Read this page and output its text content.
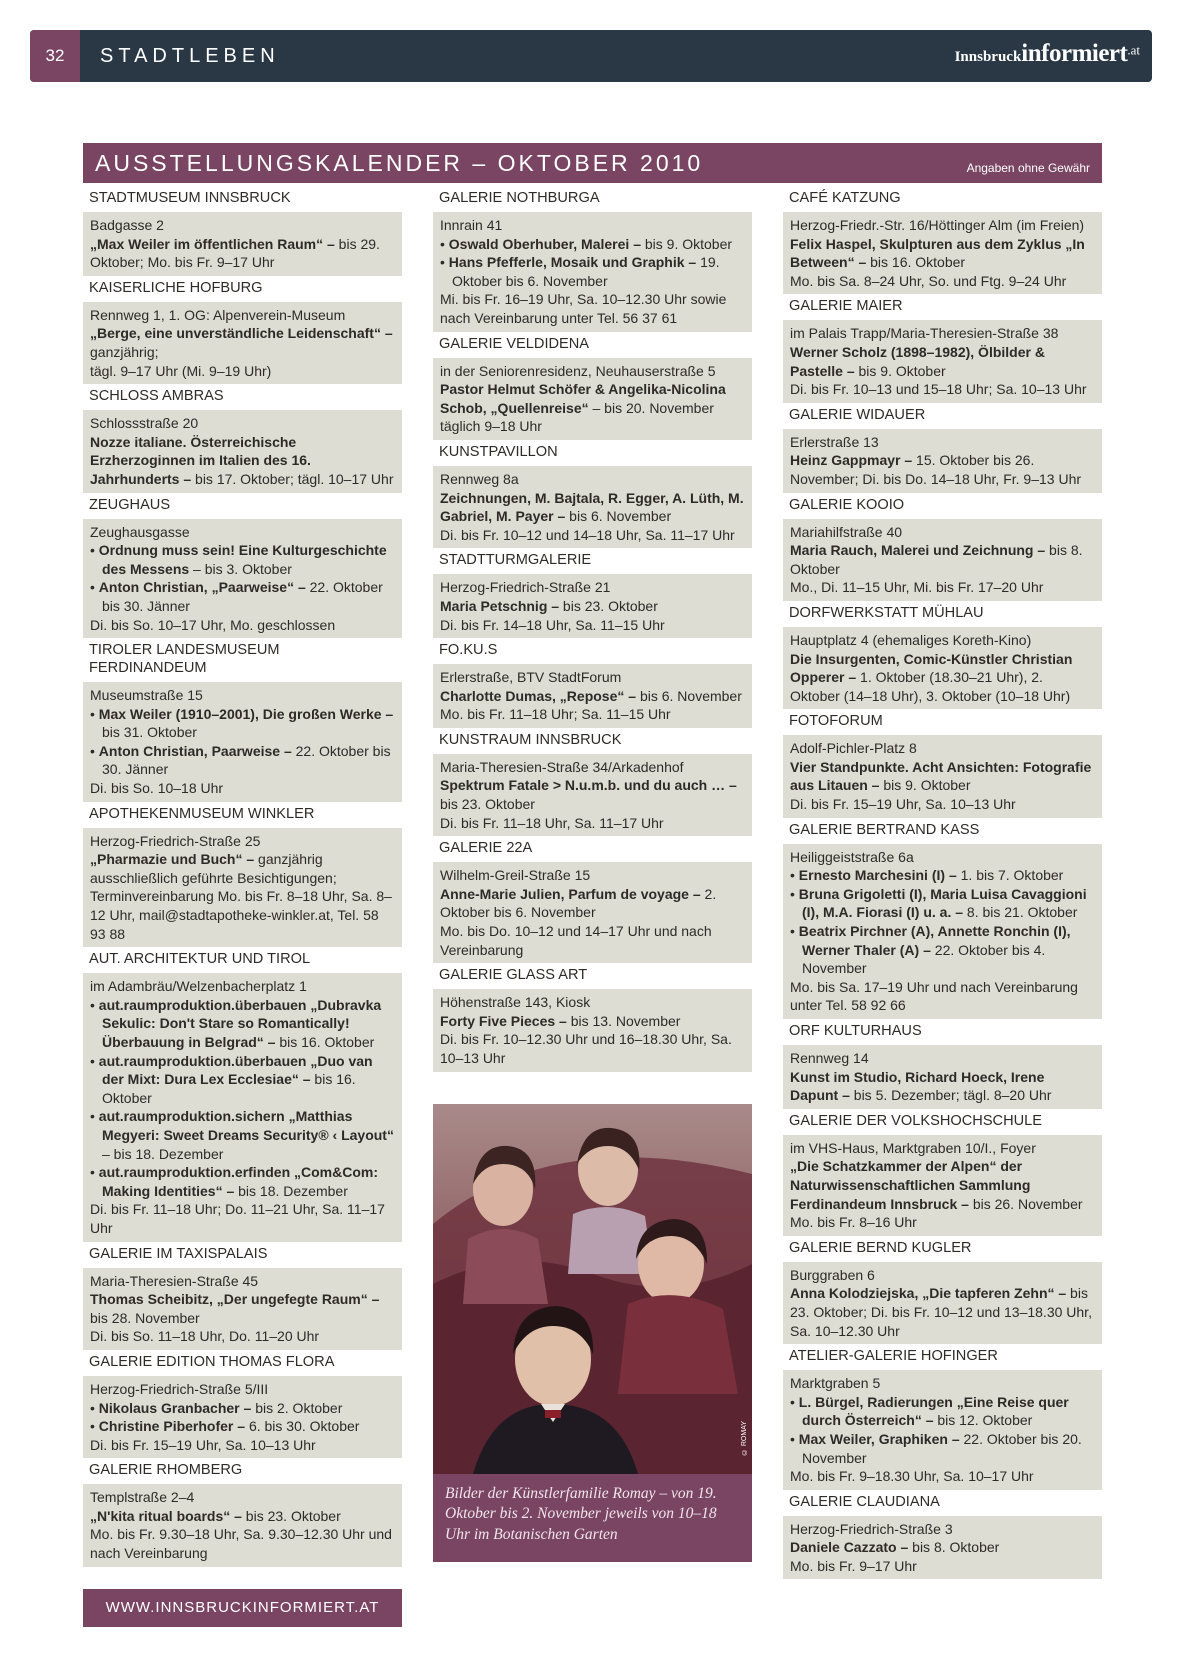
32	STADTLEBEN	Innsbruckinformiert$^{.at}$
AUSSTELLUNGSKALENDER – OKTOBER 2010	Angaben ohne Gewähr
STADTMUSEUM INNSBRUCK
Badgasse 2
„Max Weiler im öffentlichen Raum“ – bis 29. Oktober; Mo. bis Fr. 9–17 Uhr
KAISERLICHE HOFBURG
Rennweg 1, 1. OG: Alpenverein-Museum
„Berge, eine unverständliche Leidenschaft“ – ganzjährig;
tägl. 9–17 Uhr (Mi. 9–19 Uhr)
SCHLOSS AMBRAS
Schlossstraße 20
Nozze italiane. Österreichische Erzherzoginnen im Italien des 16. Jahrhunderts – bis 17. Oktober; tägl. 10–17 Uhr
ZEUGHAUS
Zeughausgasse
• Ordnung muss sein! Eine Kulturgeschichte des Messens – bis 3. Oktober
• Anton Christian, „Paarweise“ – 22. Oktober bis 30. Jänner
Di. bis So. 10–17 Uhr, Mo. geschlossen
TIROLER LANDESMUSEUM FERDINANDEUM
Museumstraße 15
• Max Weiler (1910–2001), Die großen Werke – bis 31. Oktober
• Anton Christian, Paarweise – 22. Oktober bis 30. Jänner
Di. bis So. 10–18 Uhr
APOTHEKENMUSEUM WINKLER
Herzog-Friedrich-Straße 25
„Pharmazie und Buch“ – ganzjährig ausschließlich geführte Besichtigungen; Terminvereinbarung Mo. bis Fr. 8–18 Uhr, Sa. 8–12 Uhr, mail@stadtapotheke-winkler.at, Tel. 58 93 88
AUT. ARCHITEKTUR UND TIROL
im Adambräu/Welzenbacherplatz 1
• aut.raumproduktion.überbauen „Dubravka Sekulic: Don't Stare so Romantically! Überbauung in Belgrad“ – bis 16. Oktober
• aut.raumproduktion.überbauen „Duo van der Mixt: Dura Lex Ecclesiae“ – bis 16. Oktober
• aut.raumproduktion.sichern „Matthias Megyeri: Sweet Dreams Security® ‹ Layout“ – bis 18. Dezember
• aut.raumproduktion.erfinden „Com&Com: Making Identities“ – bis 18. Dezember
Di. bis Fr. 11–18 Uhr; Do. 11–21 Uhr, Sa. 11–17 Uhr
GALERIE IM TAXISPALAIS
Maria-Theresien-Straße 45
Thomas Scheibitz, „Der ungefegte Raum“ – bis 28. November
Di. bis So. 11–18 Uhr, Do. 11–20 Uhr
GALERIE EDITION THOMAS FLORA
Herzog-Friedrich-Straße 5/III
• Nikolaus Granbacher – bis 2. Oktober
• Christine Piberhofer – 6. bis 30. Oktober
Di. bis Fr. 15–19 Uhr, Sa. 10–13 Uhr
GALERIE RHOMBERG
Templstraße 2–4
„N'kita ritual boards“ – bis 23. Oktober
Mo. bis Fr. 9.30–18 Uhr, Sa. 9.30–12.30 Uhr und nach Vereinbarung
WWW.INNSBRUCKINFORMIERT.AT
GALERIE NOTHBURGA
Innrain 41
• Oswald Oberhuber, Malerei – bis 9. Oktober
• Hans Pfefferle, Mosaik und Graphik – 19. Oktober bis 6. November
Mi. bis Fr. 16–19 Uhr, Sa. 10–12.30 Uhr sowie nach Vereinbarung unter Tel. 56 37 61
GALERIE VELDIDENA
in der Seniorenresidenz, Neuhauserstraße 5
Pastor Helmut Schöfer & Angelika-Nicolina Schob, „Quellenreise“ – bis 20. November täglich 9–18 Uhr
KUNSTPAVILLON
Rennweg 8a
Zeichnungen, M. Bajtala, R. Egger, A. Lüth, M. Gabriel, M. Payer – bis 6. November
Di. bis Fr. 10–12 und 14–18 Uhr, Sa. 11–17 Uhr
STADTTURMGALERIE
Herzog-Friedrich-Straße 21
Maria Petschnig – bis 23. Oktober
Di. bis Fr. 14–18 Uhr, Sa. 11–15 Uhr
FO.KU.S
Erlerstraße, BTV StadtForum
Charlotte Dumas, „Repose“ – bis 6. November
Mo. bis Fr. 11–18 Uhr; Sa. 11–15 Uhr
KUNSTRAUM INNSBRUCK
Maria-Theresien-Straße 34/Arkadenhof
Spektrum Fatale > N.u.m.b. und du auch … – bis 23. Oktober
Di. bis Fr. 11–18 Uhr, Sa. 11–17 Uhr
GALERIE 22A
Wilhelm-Greil-Straße 15
Anne-Marie Julien, Parfum de voyage – 2. Oktober bis 6. November
Mo. bis Do. 10–12 und 14–17 Uhr und nach Vereinbarung
GALERIE GLASS ART
Höhenstraße 143, Kiosk
Forty Five Pieces – bis 13. November
Di. bis Fr. 10–12.30 Uhr und 16–18.30 Uhr, Sa. 10–13 Uhr
© ROMAY
Bilder der Künstlerfamilie Romay – von 19. Oktober bis 2. November jeweils von 10–18 Uhr im Botanischen Garten
CAFÉ KATZUNG
Herzog-Friedr.-Str. 16/Höttinger Alm (im Freien)
Felix Haspel, Skulpturen aus dem Zyklus „In Between“ – bis 16. Oktober
Mo. bis Sa. 8–24 Uhr, So. und Ftg. 9–24 Uhr
GALERIE MAIER
im Palais Trapp/Maria-Theresien-Straße 38
Werner Scholz (1898–1982), Ölbilder & Pastelle – bis 9. Oktober
Di. bis Fr. 10–13 und 15–18 Uhr; Sa. 10–13 Uhr
GALERIE WIDAUER
Erlerstraße 13
Heinz Gappmayr – 15. Oktober bis 26. November; Di. bis Do. 14–18 Uhr, Fr. 9–13 Uhr
GALERIE KOOIO
Mariahilfstraße 40
Maria Rauch, Malerei und Zeichnung – bis 8. Oktober
Mo., Di. 11–15 Uhr, Mi. bis Fr. 17–20 Uhr
DORFWERKSTATT MÜHLAU
Hauptplatz 4 (ehemaliges Koreth-Kino)
Die Insurgenten, Comic-Künstler Christian Opperer – 1. Oktober (18.30–21 Uhr), 2. Oktober (14–18 Uhr), 3. Oktober (10–18 Uhr)
FOTOFORUM
Adolf-Pichler-Platz 8
Vier Standpunkte. Acht Ansichten: Fotografie aus Litauen – bis 9. Oktober
Di. bis Fr. 15–19 Uhr, Sa. 10–13 Uhr
GALERIE BERTRAND KASS
Heiliggeiststraße 6a
• Ernesto Marchesini (I) – 1. bis 7. Oktober
• Bruna Grigoletti (I), Maria Luisa Cavaggioni (I), M.A. Fiorasi (I) u. a. – 8. bis 21. Oktober
• Beatrix Pirchner (A), Annette Ronchin (I), Werner Thaler (A) – 22. Oktober bis 4. November
Mo. bis Sa. 17–19 Uhr und nach Vereinbarung unter Tel. 58 92 66
ORF KULTURHAUS
Rennweg 14
Kunst im Studio, Richard Hoeck, Irene Dapunt – bis 5. Dezember; tägl. 8–20 Uhr
GALERIE DER VOLKSHOCHSCHULE
im VHS-Haus, Marktgraben 10/I., Foyer
„Die Schatzkammer der Alpen“ der Naturwissenschaftlichen Sammlung Ferdinandeum Innsbruck – bis 26. November
Mo. bis Fr. 8–16 Uhr
GALERIE BERND KUGLER
Burggraben 6
Anna Kolodziejska, „Die tapferen Zehn“ – bis 23. Oktober; Di. bis Fr. 10–12 und 13–18.30 Uhr, Sa. 10–12.30 Uhr
ATELIER-GALERIE HOFINGER
Marktgraben 5
• L. Bürgel, Radierungen „Eine Reise quer durch Österreich“ – bis 12. Oktober
• Max Weiler, Graphiken – 22. Oktober bis 20. November
Mo. bis Fr. 9–18.30 Uhr, Sa. 10–17 Uhr
GALERIE CLAUDIANA
Herzog-Friedrich-Straße 3
Daniele Cazzato – bis 8. Oktober
Mo. bis Fr. 9–17 Uhr
